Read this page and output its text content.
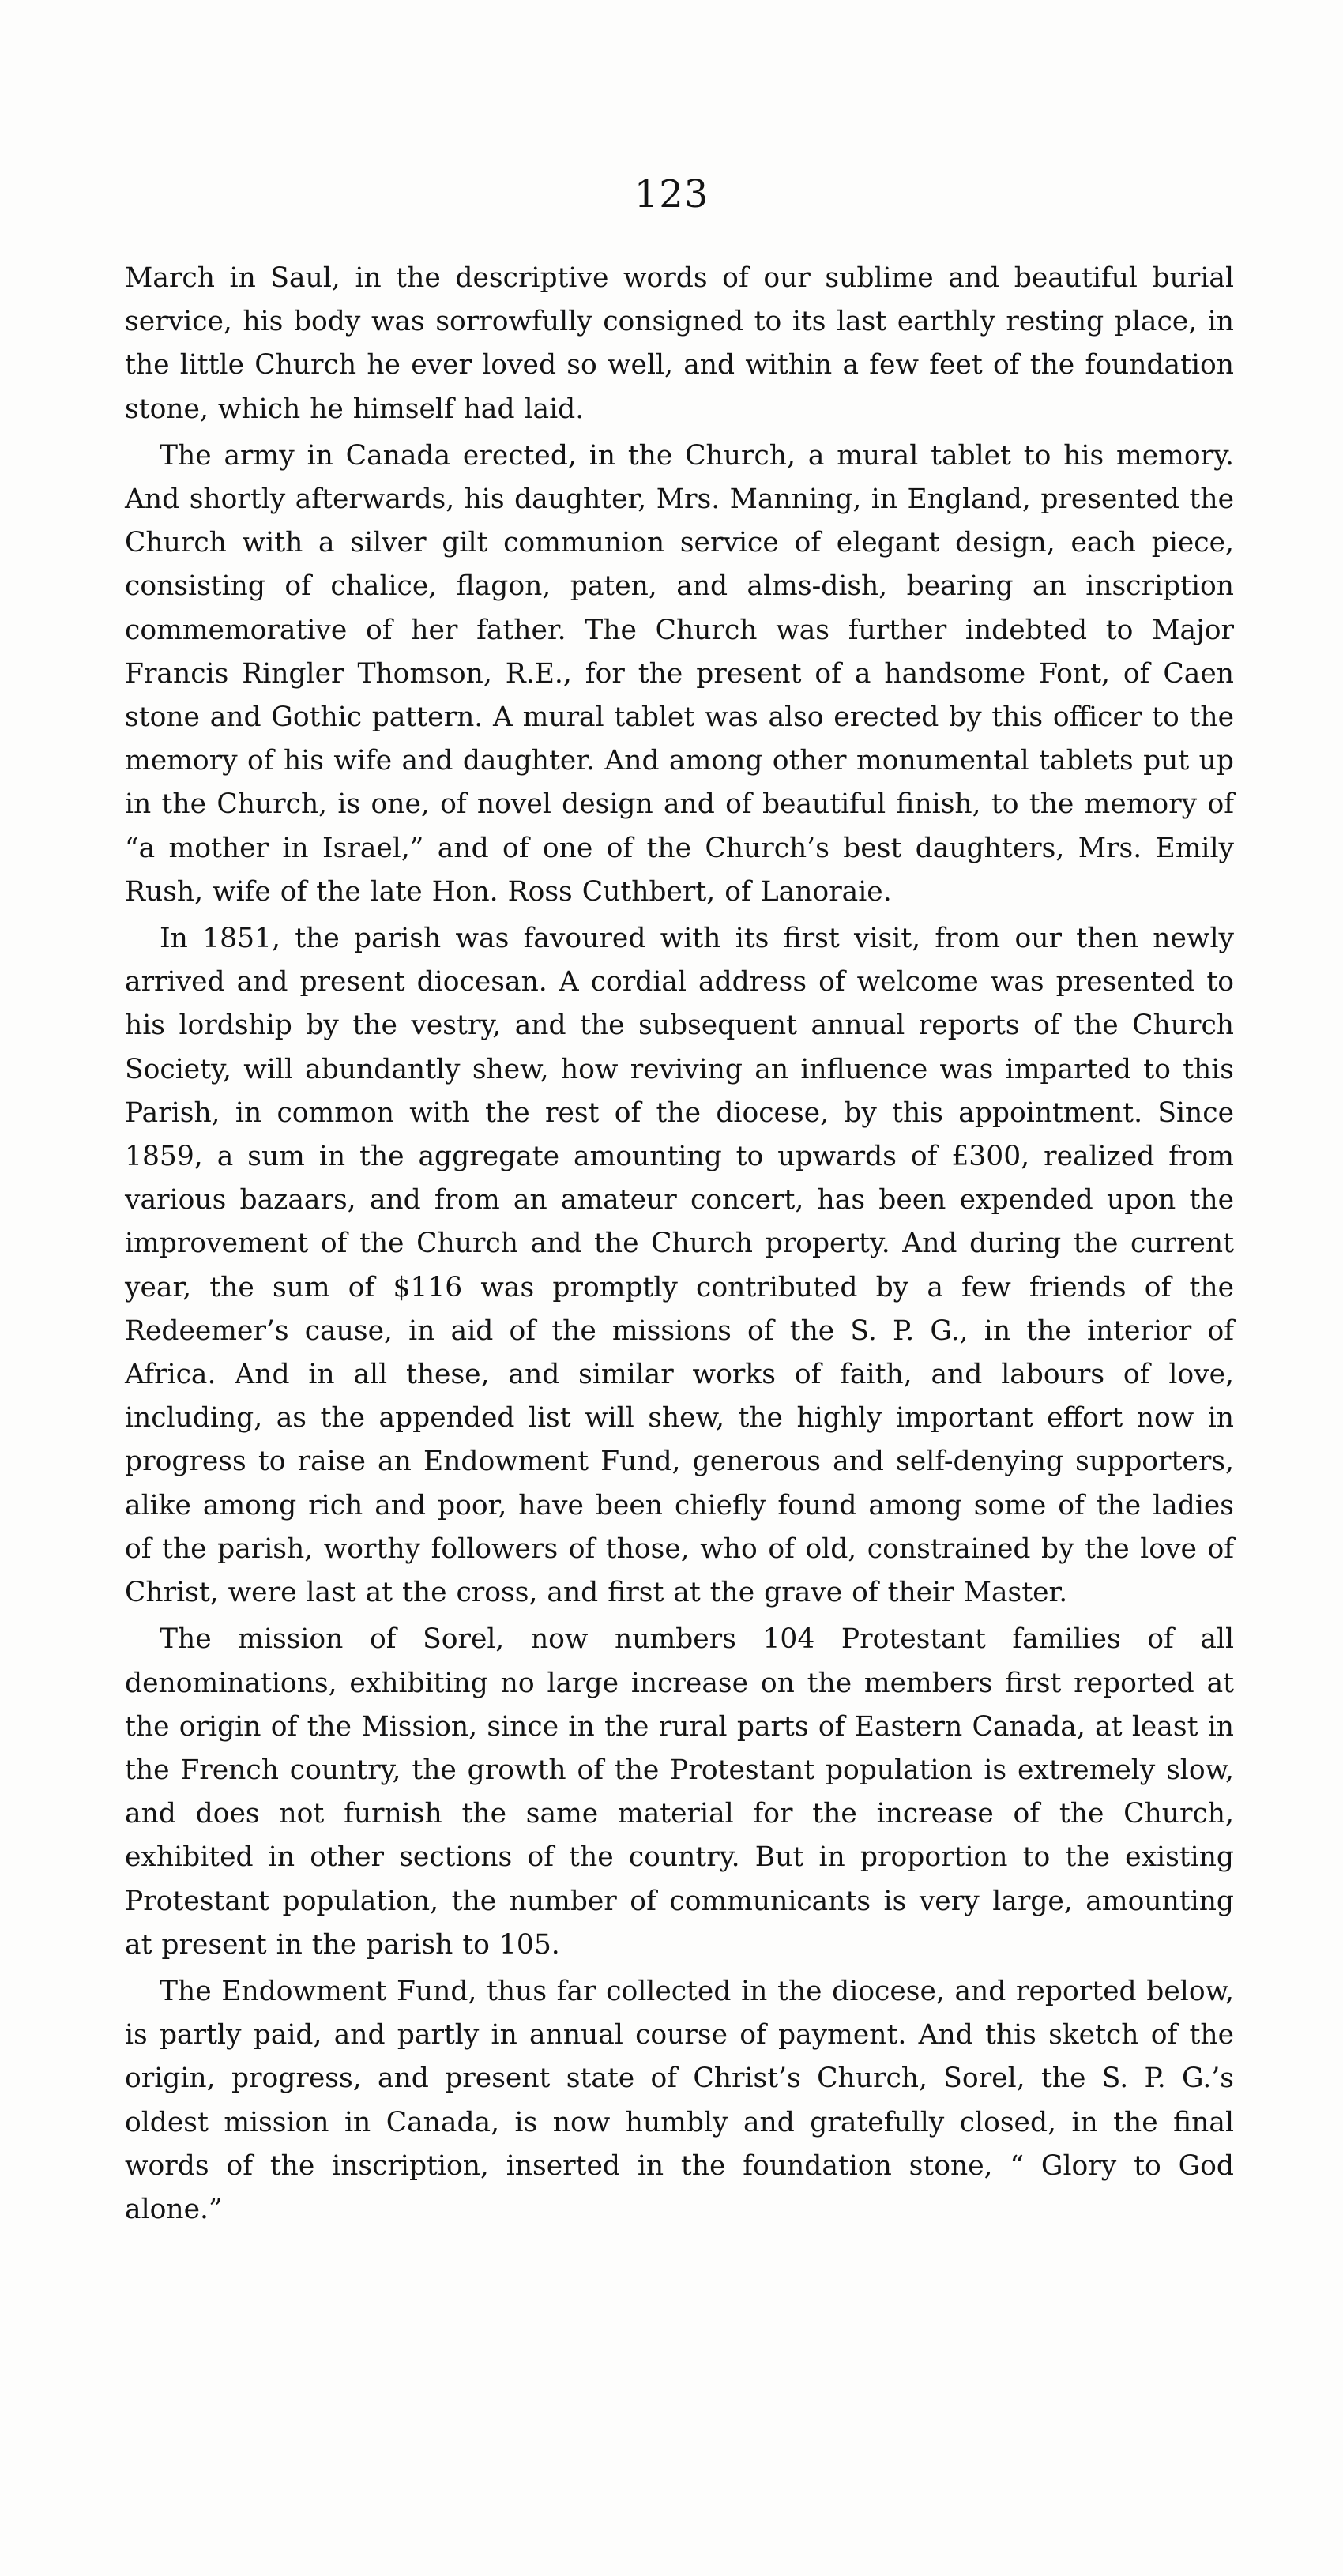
123

March in Saul, in the descriptive words of our sublime and beautiful burial service, his body was sorrowfully consigned to its last earthly resting place, in the little Church he ever loved so well, and within a few feet of the foundation stone, which he himself had laid.

The army in Canada erected, in the Church, a mural tablet to his memory. And shortly afterwards, his daughter, Mrs. Manning, in England, presented the Church with a silver gilt communion service of elegant design, each piece, consisting of chalice, flagon, paten, and alms-dish, bearing an inscription commemorative of her father. The Church was further indebted to Major Francis Ringler Thomson, R.E., for the present of a handsome Font, of Caen stone and Gothic pattern. A mural tablet was also erected by this officer to the memory of his wife and daughter. And among other monumental tablets put up in the Church, is one, of novel design and of beautiful finish, to the memory of “a mother in Israel,” and of one of the Church’s best daughters, Mrs. Emily Rush, wife of the late Hon. Ross Cuthbert, of Lanoraie.

In 1851, the parish was favoured with its first visit, from our then newly arrived and present diocesan. A cordial address of welcome was presented to his lordship by the vestry, and the subsequent annual reports of the Church Society, will abundantly shew, how reviving an influence was imparted to this Parish, in common with the rest of the diocese, by this appointment. Since 1859, a sum in the aggregate amounting to upwards of £300, realized from various bazaars, and from an amateur concert, has been expended upon the improvement of the Church and the Church property. And during the current year, the sum of $116 was promptly contributed by a few friends of the Redeemer’s cause, in aid of the missions of the S. P. G., in the interior of Africa. And in all these, and similar works of faith, and labours of love, including, as the appended list will shew, the highly important effort now in progress to raise an Endowment Fund, generous and self-denying supporters, alike among rich and poor, have been chiefly found among some of the ladies of the parish, worthy followers of those, who of old, constrained by the love of Christ, were last at the cross, and first at the grave of their Master.

The mission of Sorel, now numbers 104 Protestant families of all denominations, exhibiting no large increase on the members first reported at the origin of the Mission, since in the rural parts of Eastern Canada, at least in the French country, the growth of the Protestant population is extremely slow, and does not furnish the same material for the increase of the Church, exhibited in other sections of the country. But in proportion to the existing Protestant population, the number of communicants is very large, amounting at present in the parish to 105.

The Endowment Fund, thus far collected in the diocese, and reported below, is partly paid, and partly in annual course of payment. And this sketch of the origin, progress, and present state of Christ’s Church, Sorel, the S. P. G.’s oldest mission in Canada, is now humbly and gratefully closed, in the final words of the inscription, inserted in the foundation stone, “ Glory to God alone.”
